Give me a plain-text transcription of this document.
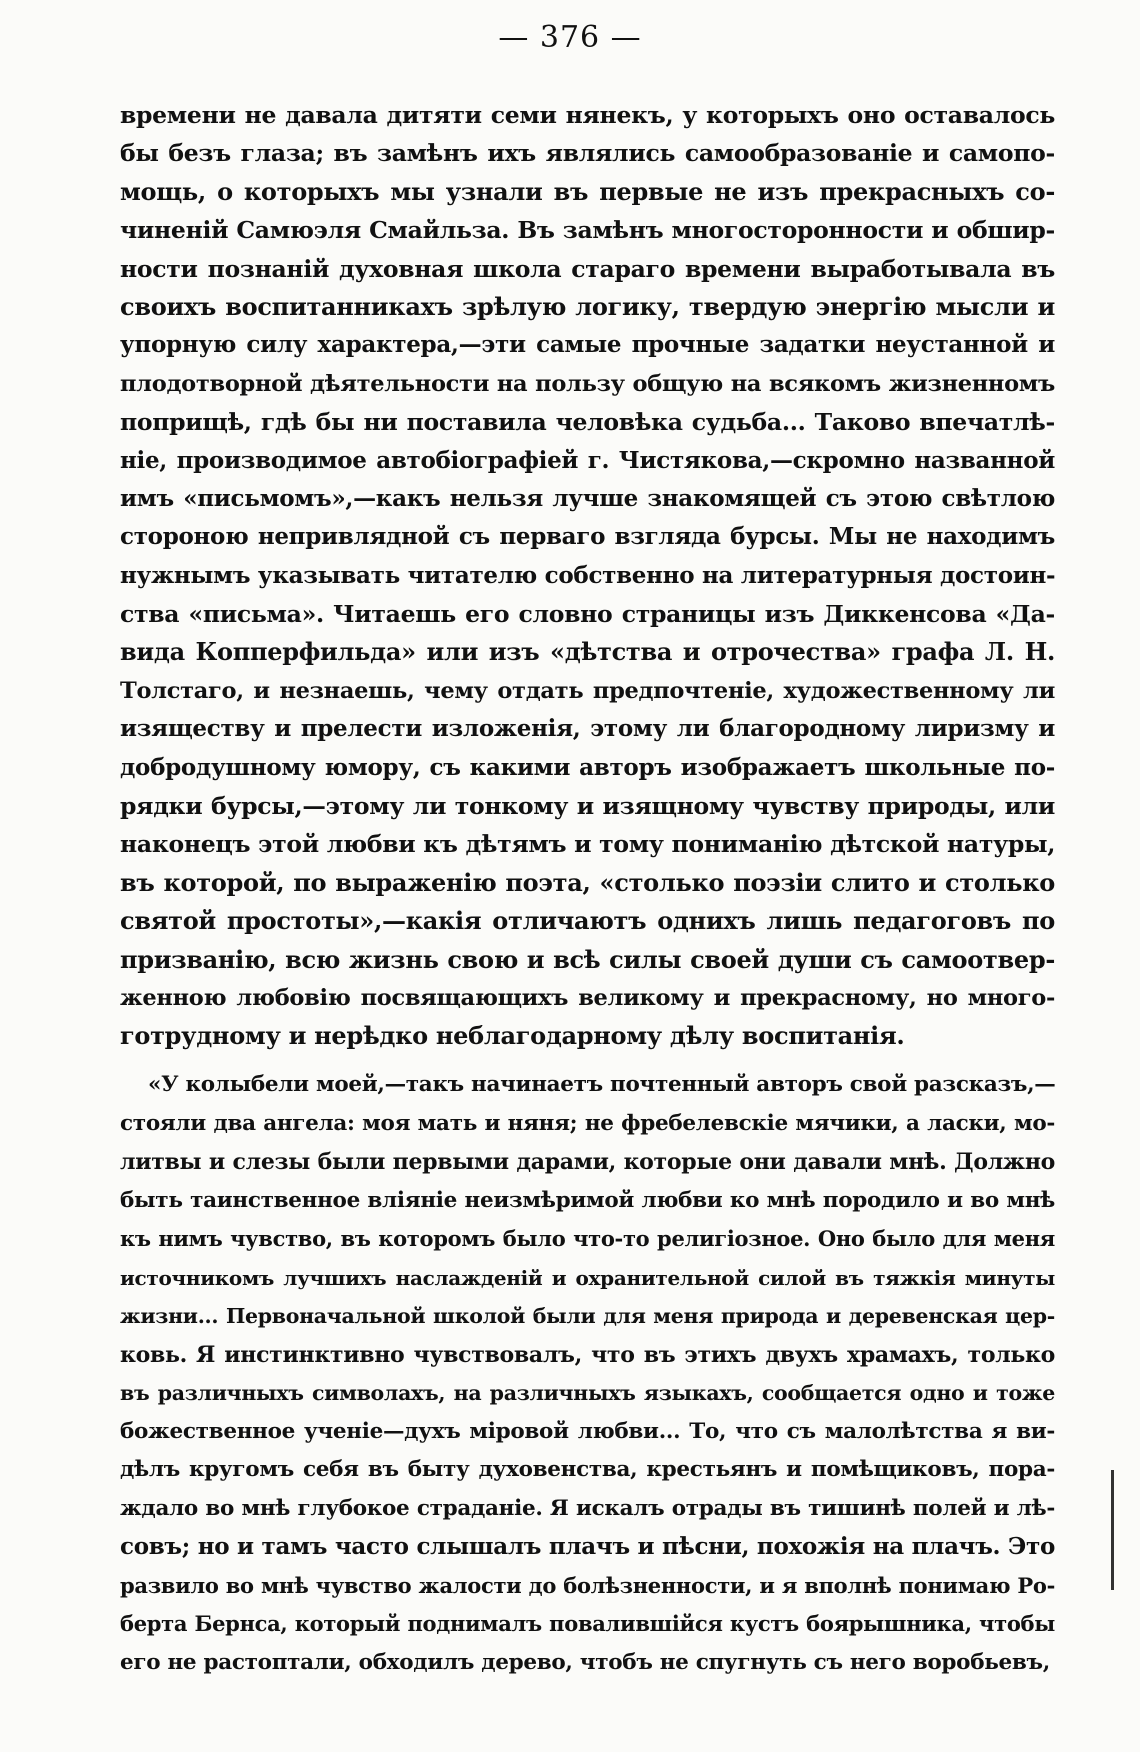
— 376 —
времени не давала дитяти семи нянекъ, у которыхъ оно оставалось
бы безъ глаза; въ замѣнъ ихъ являлись самообразованіе и самопо-
мощь, о которыхъ мы узнали въ первые не изъ прекрасныхъ со-
чиненій Самюэля Смайльза. Въ замѣнъ многосторонности и обшир-
ности познаній духовная школа стараго времени выработывала въ
своихъ воспитанникахъ зрѣлую логику, твердую энергію мысли и
упорную силу характера,—эти самые прочные задатки неустанной и
плодотворной дѣятельности на пользу общую на всякомъ жизненномъ
поприщѣ, гдѣ бы ни поставила человѣка судьба... Таково впечатлѣ-
ніе, производимое автобіографіей г. Чистякова,—скромно названной
имъ «письмомъ»,—какъ нельзя лучше знакомящей съ этою свѣтлою
стороною непривлядной съ перваго взгляда бурсы. Мы не находимъ
нужнымъ указывать читателю собственно на литературныя достоин-
ства «письма». Читаешь его словно страницы изъ Диккенсова «Да-
вида Копперфильда» или изъ «дѣтства и отрочества» графа Л. Н.
Толстаго, и незнаешь, чему отдать предпочтеніе, художественному ли
изяществу и прелести изложенія, этому ли благородному лиризму и
добродушному юмору, съ какими авторъ изображаетъ школьные по-
рядки бурсы,—этому ли тонкому и изящному чувству природы, или
наконецъ этой любви къ дѣтямъ и тому пониманію дѣтской натуры,
въ которой, по выраженію поэта, «столько поэзіи слито и столько
святой простоты»,—какія отличаютъ однихъ лишь педагоговъ по
призванію, всю жизнь свою и всѣ силы своей души съ самоотвер-
женною любовію посвящающихъ великому и прекрасному, но много-
готрудному и нерѣдко неблагодарному дѣлу воспитанія.
«У колыбели моей,—такъ начинаетъ почтенный авторъ свой разсказъ,—
стояли два ангела: моя мать и няня; не фребелевскіе мячики, а ласки, мо-
литвы и слезы были первыми дарами, которые они давали мнѣ. Должно
быть таинственное вліяніе неизмѣримой любви ко мнѣ породило и во мнѣ
къ нимъ чувство, въ которомъ было что-то религіозное. Оно было для меня
источникомъ лучшихъ наслажденій и охранительной силой въ тяжкія минуты
жизни... Первоначальной школой были для меня природа и деревенская цер-
ковь. Я инстинктивно чувствовалъ, что въ этихъ двухъ храмахъ, только
въ различныхъ символахъ, на различныхъ языкахъ, сообщается одно и тоже
божественное ученіе—духъ міровой любви... То, что съ малолѣтства я ви-
дѣлъ кругомъ себя въ быту духовенства, крестьянъ и помѣщиковъ, пора-
ждало во мнѣ глубокое страданіе. Я искалъ отрады въ тишинѣ полей и лѣ-
совъ; но и тамъ часто слышалъ плачъ и пѣсни, похожія на плачъ. Это
развило во мнѣ чувство жалости до болѣзненности, и я вполнѣ понимаю Ро-
берта Бернса, который поднималъ повалившійся кустъ боярышника, чтобы
его не растоптали, обходилъ дерево, чтобъ не спугнуть съ него воробьевъ,
